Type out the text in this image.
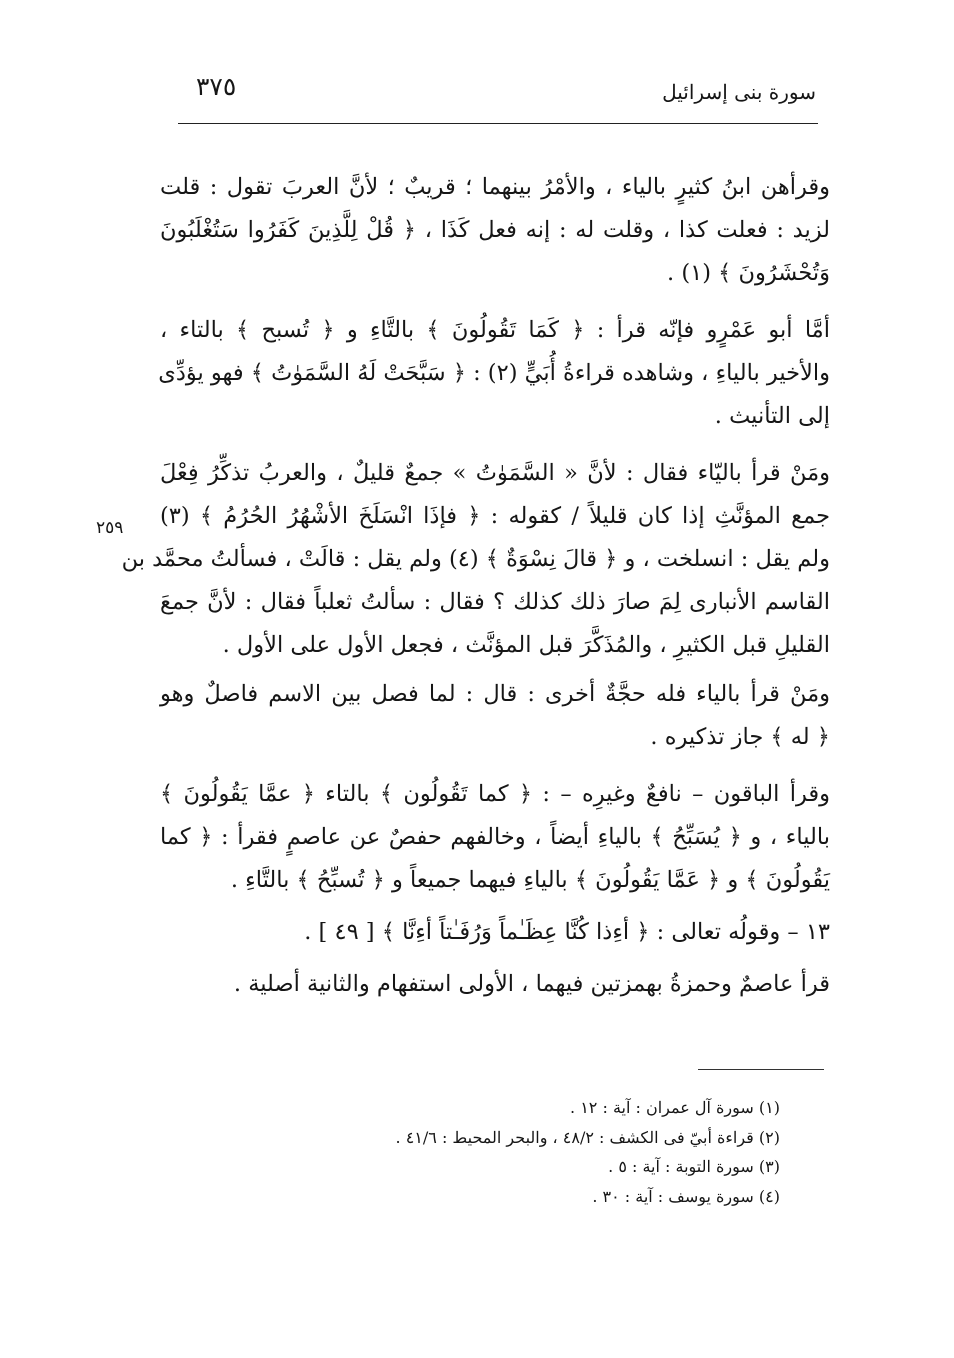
سورة بنى إسرائيل
٣٧٥
٢٥٩
وقرأهن ابنُ كثيرٍ بالياء ، والأمْرُ بينهما ؛ قريبٌ ؛ لأنَّ العربَ تقول : قلت
لزيد : فعلت كذا ، وقلت له : إنه فعل كَذَا ، ﴿ قُلْ لِلَّذِينَ كَفَرُوا سَتُغْلَبُونَ
وَتُحْشَرُونَ ﴾ (١) .
أمَّا أبو عَمْرٍو فإنّه قرأ : ﴿ كَمَا تَقُولُونَ ﴾ بالتَّاءِ و ﴿ تُسبح ﴾ بالتاء ،
والأخير بالياءِ ، وشاهده قراءةُ أُبَيٍّ (٢) : ﴿ سَبَّحَتْ لَهُ السَّمَوٰتُ ﴾ فهو يؤدِّى
إلى التأنيث .
ومَنْ قرأ باليّاء فقال : لأنَّ « السَّمَوٰتُ » جمعٌ قليلٌ ، والعربُ تذكِّرُ فِعْلَ
جمع المؤنَّثِ إذا كان قليلاً / كقوله : ﴿ فإذَا انْسَلَخَ الأشْهُرُ الحُرُمُ ﴾ (٣)
ولم يقل : انسلخت ، و ﴿ قالَ نِسْوَةٌ ﴾ (٤) ولم يقل : قالَتْ ، فسألتُ محمَّد بن
القاسم الأنبارى لِمَ صارَ ذلك كذلك ؟ فقال : سألتُ ثعلباً فقال : لأنَّ جمعَ
القليلِ قبل الكثيرِ ، والمُذَكَّرَ قبل المؤنَّث ، فجعل الأول على الأول .
ومَنْ قرأ بالياء فله حجَّةٌ أخرى : قال : لما فصل بين الاسم فاصلٌ وهو
﴿ له ﴾ جاز تذكيره .
وقرأ الباقون – نافعٌ وغيرِه – : ﴿ كما تَقُولُون ﴾ بالتاء ﴿ عمَّا يَقُولُونَ ﴾
بالياء ، و ﴿ يُسَبِّحُ ﴾ بالياءِ أيضاً ، وخالفهم حفصٌ عن عاصمٍ فقرأ : ﴿ كما
يَقُولُونَ ﴾ و ﴿ عَمَّا يَقُولُونَ ﴾ بالياءِ فيهما جميعاً و ﴿ تُسبِّحُ ﴾ بالتَّاءِ .
١٣ – وقولُه تعالى : ﴿ أءِذا كُنَّا عِظَـٰماً وَرُفَـٰتاً أءِنَّا ﴾ [ ٤٩ ] .
قرأ عاصمٌ وحمزةُ بهمزتين فيهما ، الأولى استفهام والثانية أصلية .
(١) سورة آل عمران : آية : ١٢ .
(٢) قراءة أبيّ فى الكشف : ٤٨/٢ ، والبحر المحيط : ٤١/٦ .
(٣) سورة التوبة : آية : ٥ .
(٤) سورة يوسف : آية : ٣٠ .
